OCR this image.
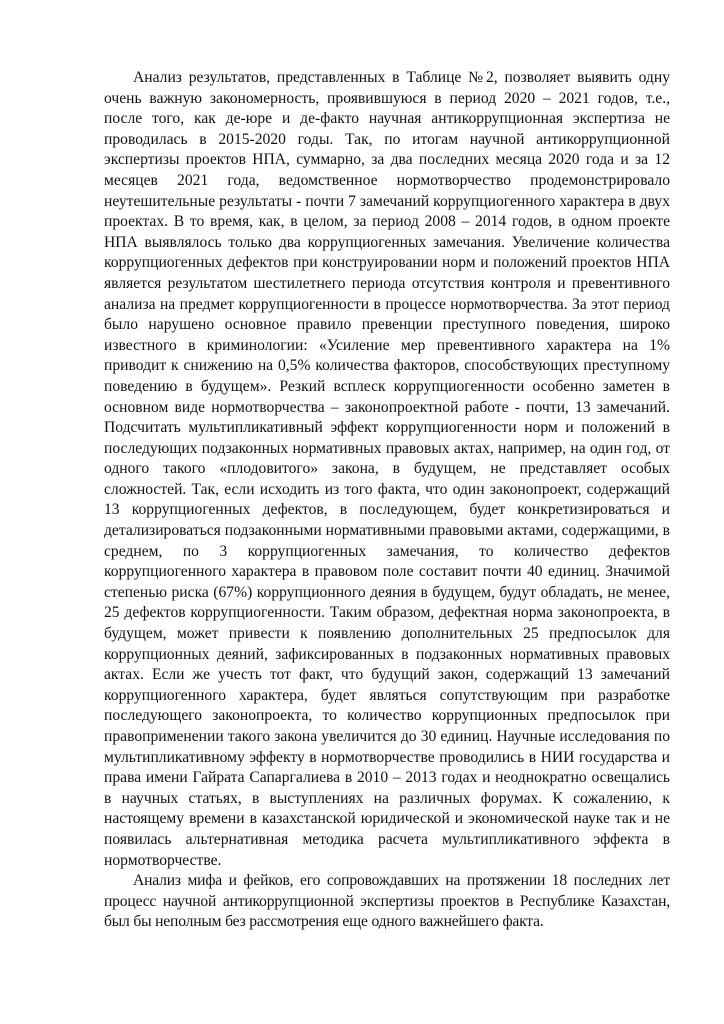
Анализ результатов, представленных в Таблице №2, позволяет выявить одну очень важную закономерность, проявившуюся в период 2020 – 2021 годов, т.е., после того, как де-юре и де-факто научная антикоррупционная экспертиза не проводилась в 2015-2020 годы. Так, по итогам научной антикоррупционной экспертизы проектов НПА, суммарно, за два последних месяца 2020 года и за 12 месяцев 2021 года, ведомственное нормотворчество продемонстрировало неутешительные результаты - почти 7 замечаний коррупциогенного характера в двух проектах. В то время, как, в целом, за период 2008 – 2014 годов, в одном проекте НПА выявлялось только два коррупциогенных замечания. Увеличение количества коррупциогенных дефектов при конструировании норм и положений проектов НПА является результатом шестилетнего периода отсутствия контроля и превентивного анализа на предмет коррупциогенности в процессе нормотворчества. За этот период было нарушено основное правило превенции преступного поведения, широко известного в криминологии: «Усиление мер превентивного характера на 1% приводит к снижению на 0,5% количества факторов, способствующих преступному поведению в будущем». Резкий всплеск коррупциогенности особенно заметен в основном виде нормотворчества – законопроектной работе - почти, 13 замечаний. Подсчитать мультипликативный эффект коррупциогенности норм и положений в последующих подзаконных нормативных правовых актах, например, на один год, от одного такого «плодовитого» закона, в будущем, не представляет особых сложностей. Так, если исходить из того факта, что один законопроект, содержащий 13 коррупциогенных дефектов, в последующем, будет конкретизироваться и детализироваться подзаконными нормативными правовыми актами, содержащими, в среднем, по 3 коррупциогенных замечания, то количество дефектов коррупциогенного характера в правовом поле составит почти 40 единиц. Значимой степенью риска (67%) коррупционного деяния в будущем, будут обладать, не менее, 25 дефектов коррупциогенности. Таким образом, дефектная норма законопроекта, в будущем, может привести к появлению дополнительных 25 предпосылок для коррупционных деяний, зафиксированных в подзаконных нормативных правовых актах. Если же учесть тот факт, что будущий закон, содержащий 13 замечаний коррупциогенного характера, будет являться сопутствующим при разработке последующего законопроекта, то количество коррупционных предпосылок при правоприменении такого закона увеличится до 30 единиц. Научные исследования по мультипликативному эффекту в нормотворчестве проводились в НИИ государства и права имени Гайрата Сапаргалиева в 2010 – 2013 годах и неоднократно освещались в научных статьях, в выступлениях на различных форумах. К сожалению, к настоящему времени в казахстанской юридической и экономической науке так и не появилась альтернативная методика расчета мультипликативного эффекта в нормотворчестве.

Анализ мифа и фейков, его сопровождавших на протяжении 18 последних лет процесс научной антикоррупционной экспертизы проектов в Республике Казахстан, был бы неполным без рассмотрения еще одного важнейшего факта.
